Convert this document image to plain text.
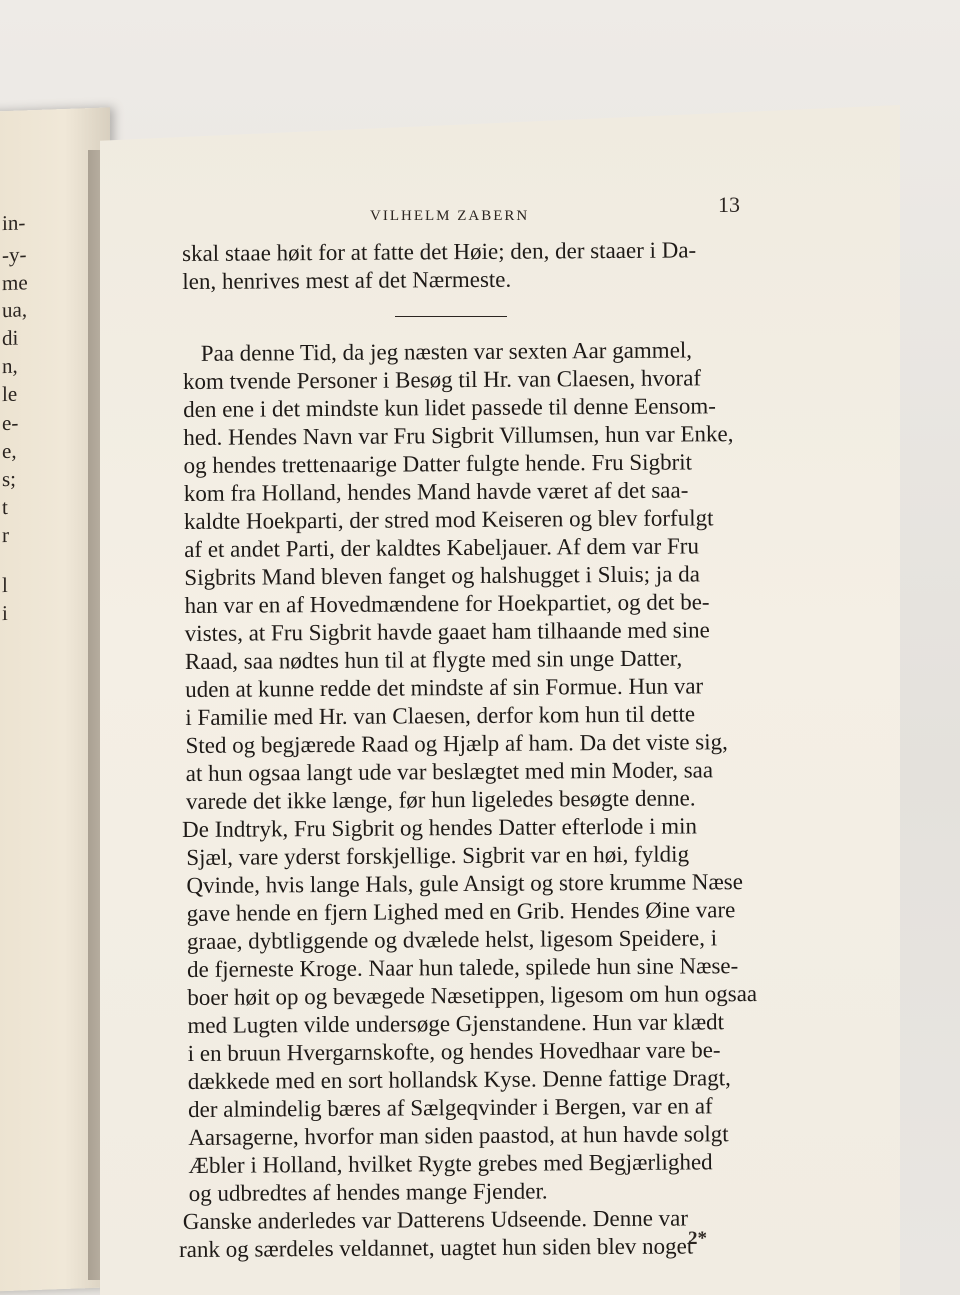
in-
-y-
me
ua,
di
n,
le
e-
e,
s;
t
r
l
i
VILHELM ZABERN	13
skal staae høit for at fatte det Høie; den, der staaer i Da-
len, henrives mest af det Nærmeste.
Paa denne Tid, da jeg næsten var sexten Aar gammel,
kom tvende Personer i Besøg til Hr. van Claesen, hvoraf
den ene i det mindste kun lidet passede til denne Eensom-
hed. Hendes Navn var Fru Sigbrit Villumsen, hun var Enke,
og hendes trettenaarige Datter fulgte hende. Fru Sigbrit
kom fra Holland, hendes Mand havde været af det saa-
kaldte Hoekparti, der stred mod Keiseren og blev forfulgt
af et andet Parti, der kaldtes Kabeljauer. Af dem var Fru
Sigbrits Mand bleven fanget og halshugget i Sluis; ja da
han var en af Hovedmændene for Hoekpartiet, og det be-
vistes, at Fru Sigbrit havde gaaet ham tilhaande med sine
Raad, saa nødtes hun til at flygte med sin unge Datter,
uden at kunne redde det mindste af sin Formue. Hun var
i Familie med Hr. van Claesen, derfor kom hun til dette
Sted og begjærede Raad og Hjælp af ham. Da det viste sig,
at hun ogsaa langt ude var beslægtet med min Moder, saa
varede det ikke længe, før hun ligeledes besøgte denne.
De Indtryk, Fru Sigbrit og hendes Datter efterlode i min
Sjæl, vare yderst forskjellige. Sigbrit var en høi, fyldig
Qvinde, hvis lange Hals, gule Ansigt og store krumme Næse
gave hende en fjern Lighed med en Grib. Hendes Øine vare
graae, dybtliggende og dvælede helst, ligesom Speidere, i
de fjerneste Kroge. Naar hun talede, spilede hun sine Næse-
boer høit op og bevægede Næsetippen, ligesom om hun ogsaa
med Lugten vilde undersøge Gjenstandene. Hun var klædt
i en bruun Hvergarnskofte, og hendes Hovedhaar vare be-
dækkede med en sort hollandsk Kyse. Denne fattige Dragt,
der almindelig bæres af Sælgeqvinder i Bergen, var en af
Aarsagerne, hvorfor man siden paastod, at hun havde solgt
Æbler i Holland, hvilket Rygte grebes med Begjærlighed
og udbredtes af hendes mange Fjender.
Ganske anderledes var Datterens Udseende. Denne var
rank og særdeles veldannet, uagtet hun siden blev noget
2*
